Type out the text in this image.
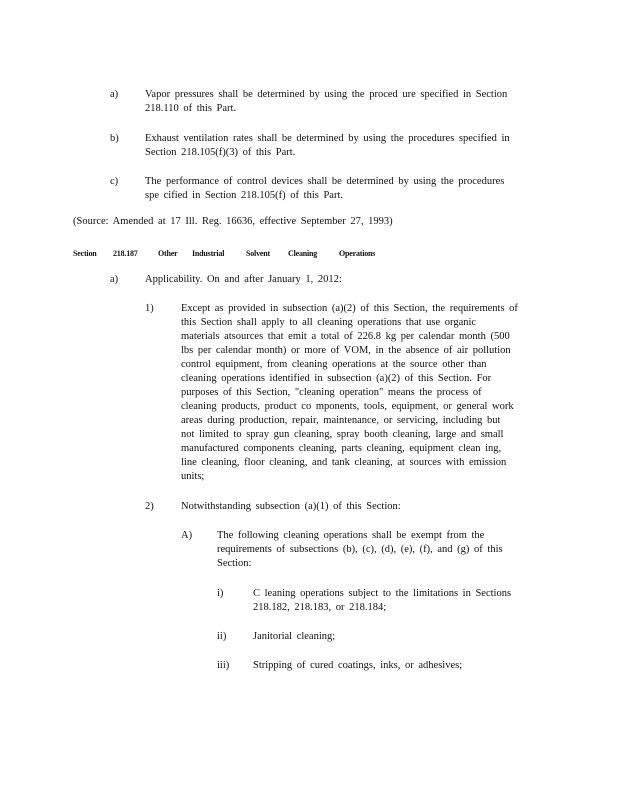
a)	Vapor pressures shall be determined by using the proced ure specified in Section
218.110 of this Part.
b)	Exhaust ventilation rates shall be determined by using the procedures specified in
Section 218.105(f)(3) of this Part.
c)	The performance of control devices shall be determined by using the procedures
spe cified in Section 218.105(f) of this Part.
(Source: Amended at 17 Ill. Reg. 16636, effective September 27, 1993)
Section 218.187	Other Industrial	Solvent Cleaning	Operations
a)	Applicability. On and after January 1, 2012:
1)	Except as provided in subsection (a)(2) of this Section, the requirements of
this Section shall apply to all cleaning operations that use organic
materials atsources that emit a total of 226.8 kg per calendar month (500
lbs per calendar month) or more of VOM, in the absence of air pollution
control equipment, from cleaning operations at the source other than
cleaning operations identified in subsection (a)(2) of this Section. For
purposes of this Section, "cleaning operation" means the process of
cleaning products, product co mponents, tools, equipment, or general work
areas during production, repair, maintenance, or servicing, including but
not limited to spray gun cleaning, spray booth cleaning, large and small
manufactured components cleaning, parts cleaning, equipment clean ing,
line cleaning, floor cleaning, and tank cleaning, at sources with emission
units;
2)	Notwithstanding subsection (a)(1) of this Section:
A) The following cleaning operations shall be exempt from the
requirements of subsections (b), (c), (d), (e), (f), and (g) of this
Section:
i)	C leaning operations subject to the limitations in Sections
218.182, 218.183, or 218.184;
ii)	Janitorial cleaning;
iii) Stripping of cured coatings, inks, or adhesives;
